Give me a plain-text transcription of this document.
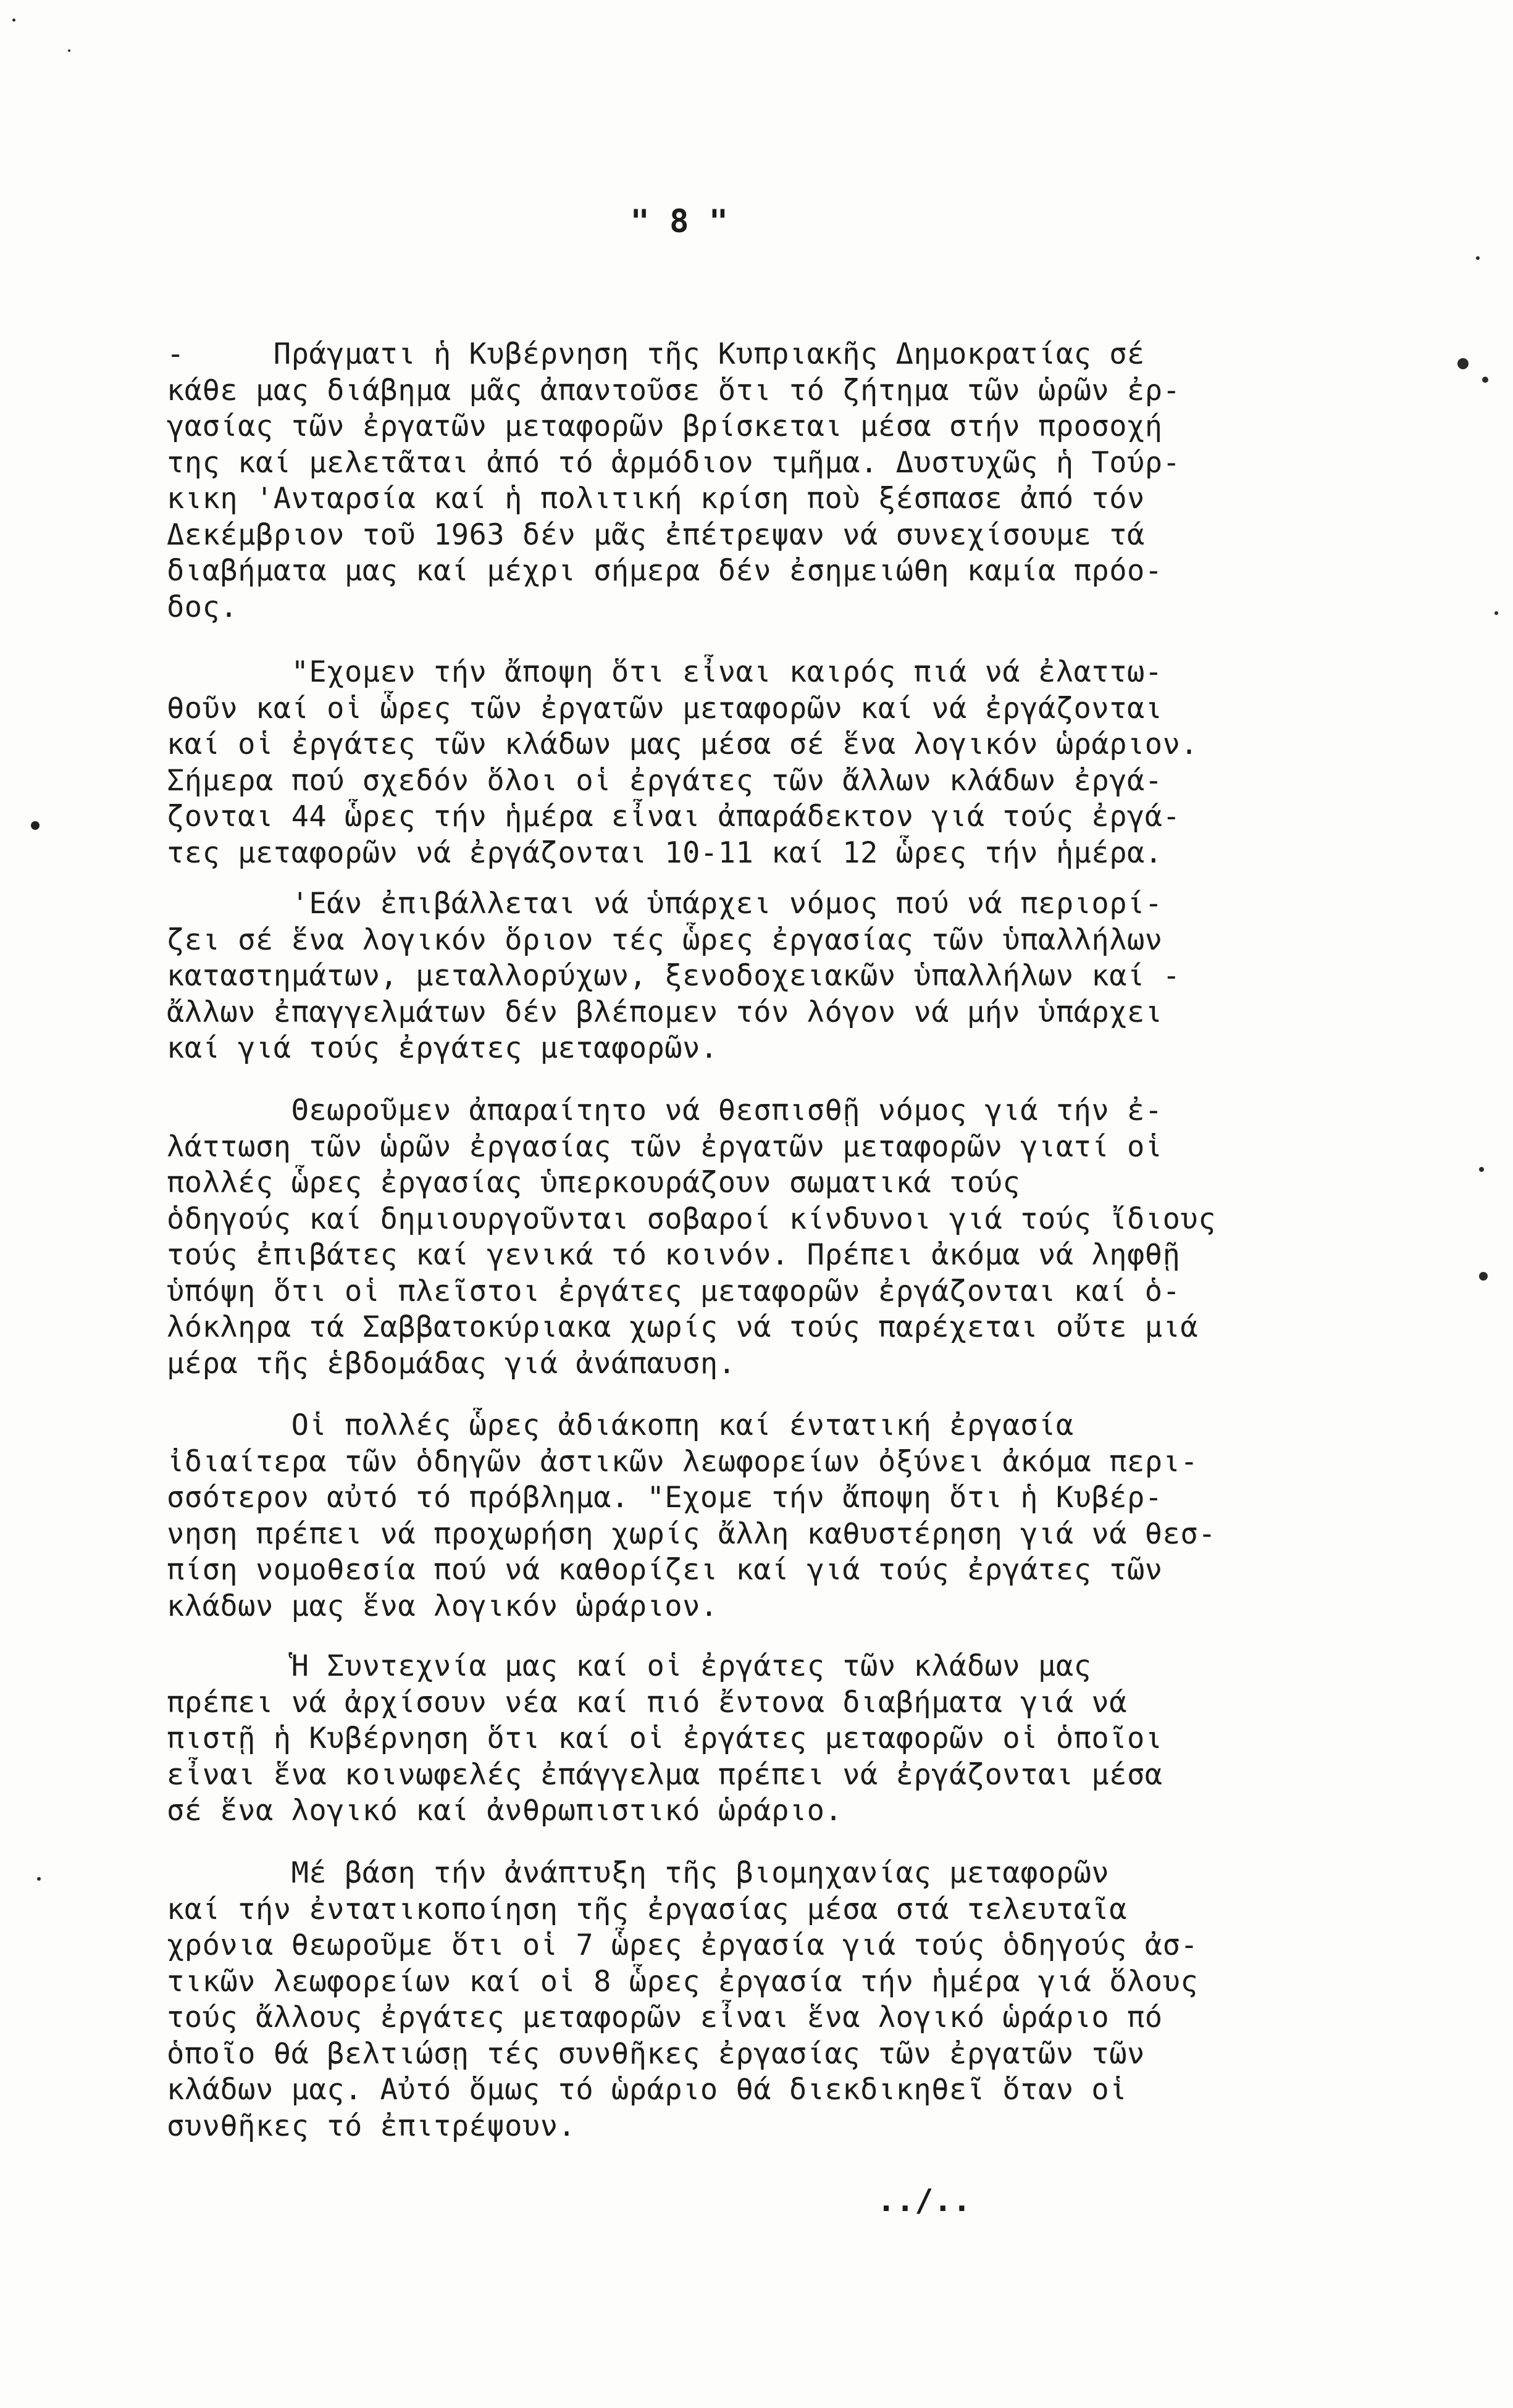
" 8 "
-     Πράγματι ἡ Κυβέρνηση τῆς Κυπριακῆς Δημοκρατίας σέ
κάθε μας διάβημα μᾶς ἀπαντοῦσε ὅτι τό ζήτημα τῶν ὡρῶν ἐρ-
γασίας τῶν ἐργατῶν μεταφορῶν βρίσκεται μέσα στήν προσοχή
της καί μελετᾶται ἀπό τό ἁρμόδιον τμῆμα. Δυστυχῶς ἡ Τούρ-
κικη 'Ανταρσία καί ἡ πολιτική κρίση ποὺ ξέσπασε ἀπό τόν
Δεκέμβριον τοῦ 1963 δέν μᾶς ἐπέτρεψαν νά συνεχίσουμε τά
διαβήματα μας καί μέχρι σήμερα δέν ἐσημειώθη καμία πρόο-
δος.
"Εχομεν τήν ἄποψη ὅτι εἶναι καιρός πιά νά ἐλαττω-
θοῦν καί οἱ ὧρες τῶν ἐργατῶν μεταφορῶν καί νά ἐργάζονται
καί οἱ ἐργάτες τῶν κλάδων μας μέσα σέ ἕνα λογικόν ὡράριον.
Σήμερα πού σχεδόν ὅλοι οἱ ἐργάτες τῶν ἄλλων κλάδων ἐργά-
ζονται 44 ὧρες τήν ἡμέρα εἶναι ἀπαράδεκτον γιά τούς ἐργά-
τες μεταφορῶν νά ἐργάζονται 10-11 καί 12 ὧρες τήν ἡμέρα.
'Εάν ἐπιβάλλεται νά ὑπάρχει νόμος πού νά περιορί-
ζει σέ ἕνα λογικόν ὅριον τές ὧρες ἐργασίας τῶν ὑπαλλήλων
καταστημάτων, μεταλλορύχων, ξενοδοχειακῶν ὑπαλλήλων καί -
ἄλλων ἐπαγγελμάτων δέν βλέπομεν τόν λόγον νά μήν ὑπάρχει
καί γιά τούς ἐργάτες μεταφορῶν.
Θεωροῦμεν ἀπαραίτητο νά θεσπισθῇ νόμος γιά τήν ἐ-
λάττωση τῶν ὡρῶν ἐργασίας τῶν ἐργατῶν μεταφορῶν γιατί οἱ
πολλές ὧρες ἐργασίας ὑπερκουράζουν σωματικά τούς
ὁδηγούς καί δημιουργοῦνται σοβαροί κίνδυνοι γιά τούς ἴδιους
τούς ἐπιβάτες καί γενικά τό κοινόν. Πρέπει ἀκόμα νά ληφθῇ
ὑπόψη ὅτι οἱ πλεῖστοι ἐργάτες μεταφορῶν ἐργάζονται καί ὁ-
λόκληρα τά Σαββατοκύριακα χωρίς νά τούς παρέχεται οὔτε μιά
μέρα τῆς ἑβδομάδας γιά ἀνάπαυση.
Οἱ πολλές ὧρες ἀδιάκοπη καί έντατική ἐργασία
ἰδιαίτερα τῶν ὁδηγῶν ἀστικῶν λεωφορείων ὀξύνει ἀκόμα περι-
σσότερον αὐτό τό πρόβλημα. "Εχομε τήν ἄποψη ὅτι ἡ Κυβέρ-
νηση πρέπει νά προχωρήση χωρίς ἄλλη καθυστέρηση γιά νά θεσ-
πίση νομοθεσία πού νά καθορίζει καί γιά τούς ἐργάτες τῶν
κλάδων μας ἕνα λογικόν ὡράριον.
Ἡ Συντεχνία μας καί οἱ ἐργάτες τῶν κλάδων μας
πρέπει νά ἀρχίσουν νέα καί πιό ἔντονα διαβήματα γιά νά
πιστῇ ἡ Κυβέρνηση ὅτι καί οἱ ἐργάτες μεταφορῶν οἱ ὁποῖοι
εἶναι ἕνα κοινωφελές ἐπάγγελμα πρέπει νά ἐργάζονται μέσα
σέ ἕνα λογικό καί ἀνθρωπιστικό ὡράριο.
Μέ βάση τήν ἀνάπτυξη τῆς βιομηχανίας μεταφορῶν
καί τήν ἐντατικοποίηση τῆς ἐργασίας μέσα στά τελευταῖα
χρόνια θεωροῦμε ὅτι οἱ 7 ὧρες ἐργασία γιά τούς ὁδηγούς ἀσ-
τικῶν λεωφορείων καί οἱ 8 ὧρες ἐργασία τήν ἡμέρα γιά ὅλους
τούς ἄλλους ἐργάτες μεταφορῶν εἶναι ἕνα λογικό ὡράριο πό
ὁποῖο θά βελτιώσῃ τές συνθῆκες ἐργασίας τῶν ἐργατῶν τῶν
κλάδων μας. Αὐτό ὅμως τό ὡράριο θά διεκδικηθεῖ ὅταν οἱ
συνθῆκες τό ἐπιτρέψουν.
../..
